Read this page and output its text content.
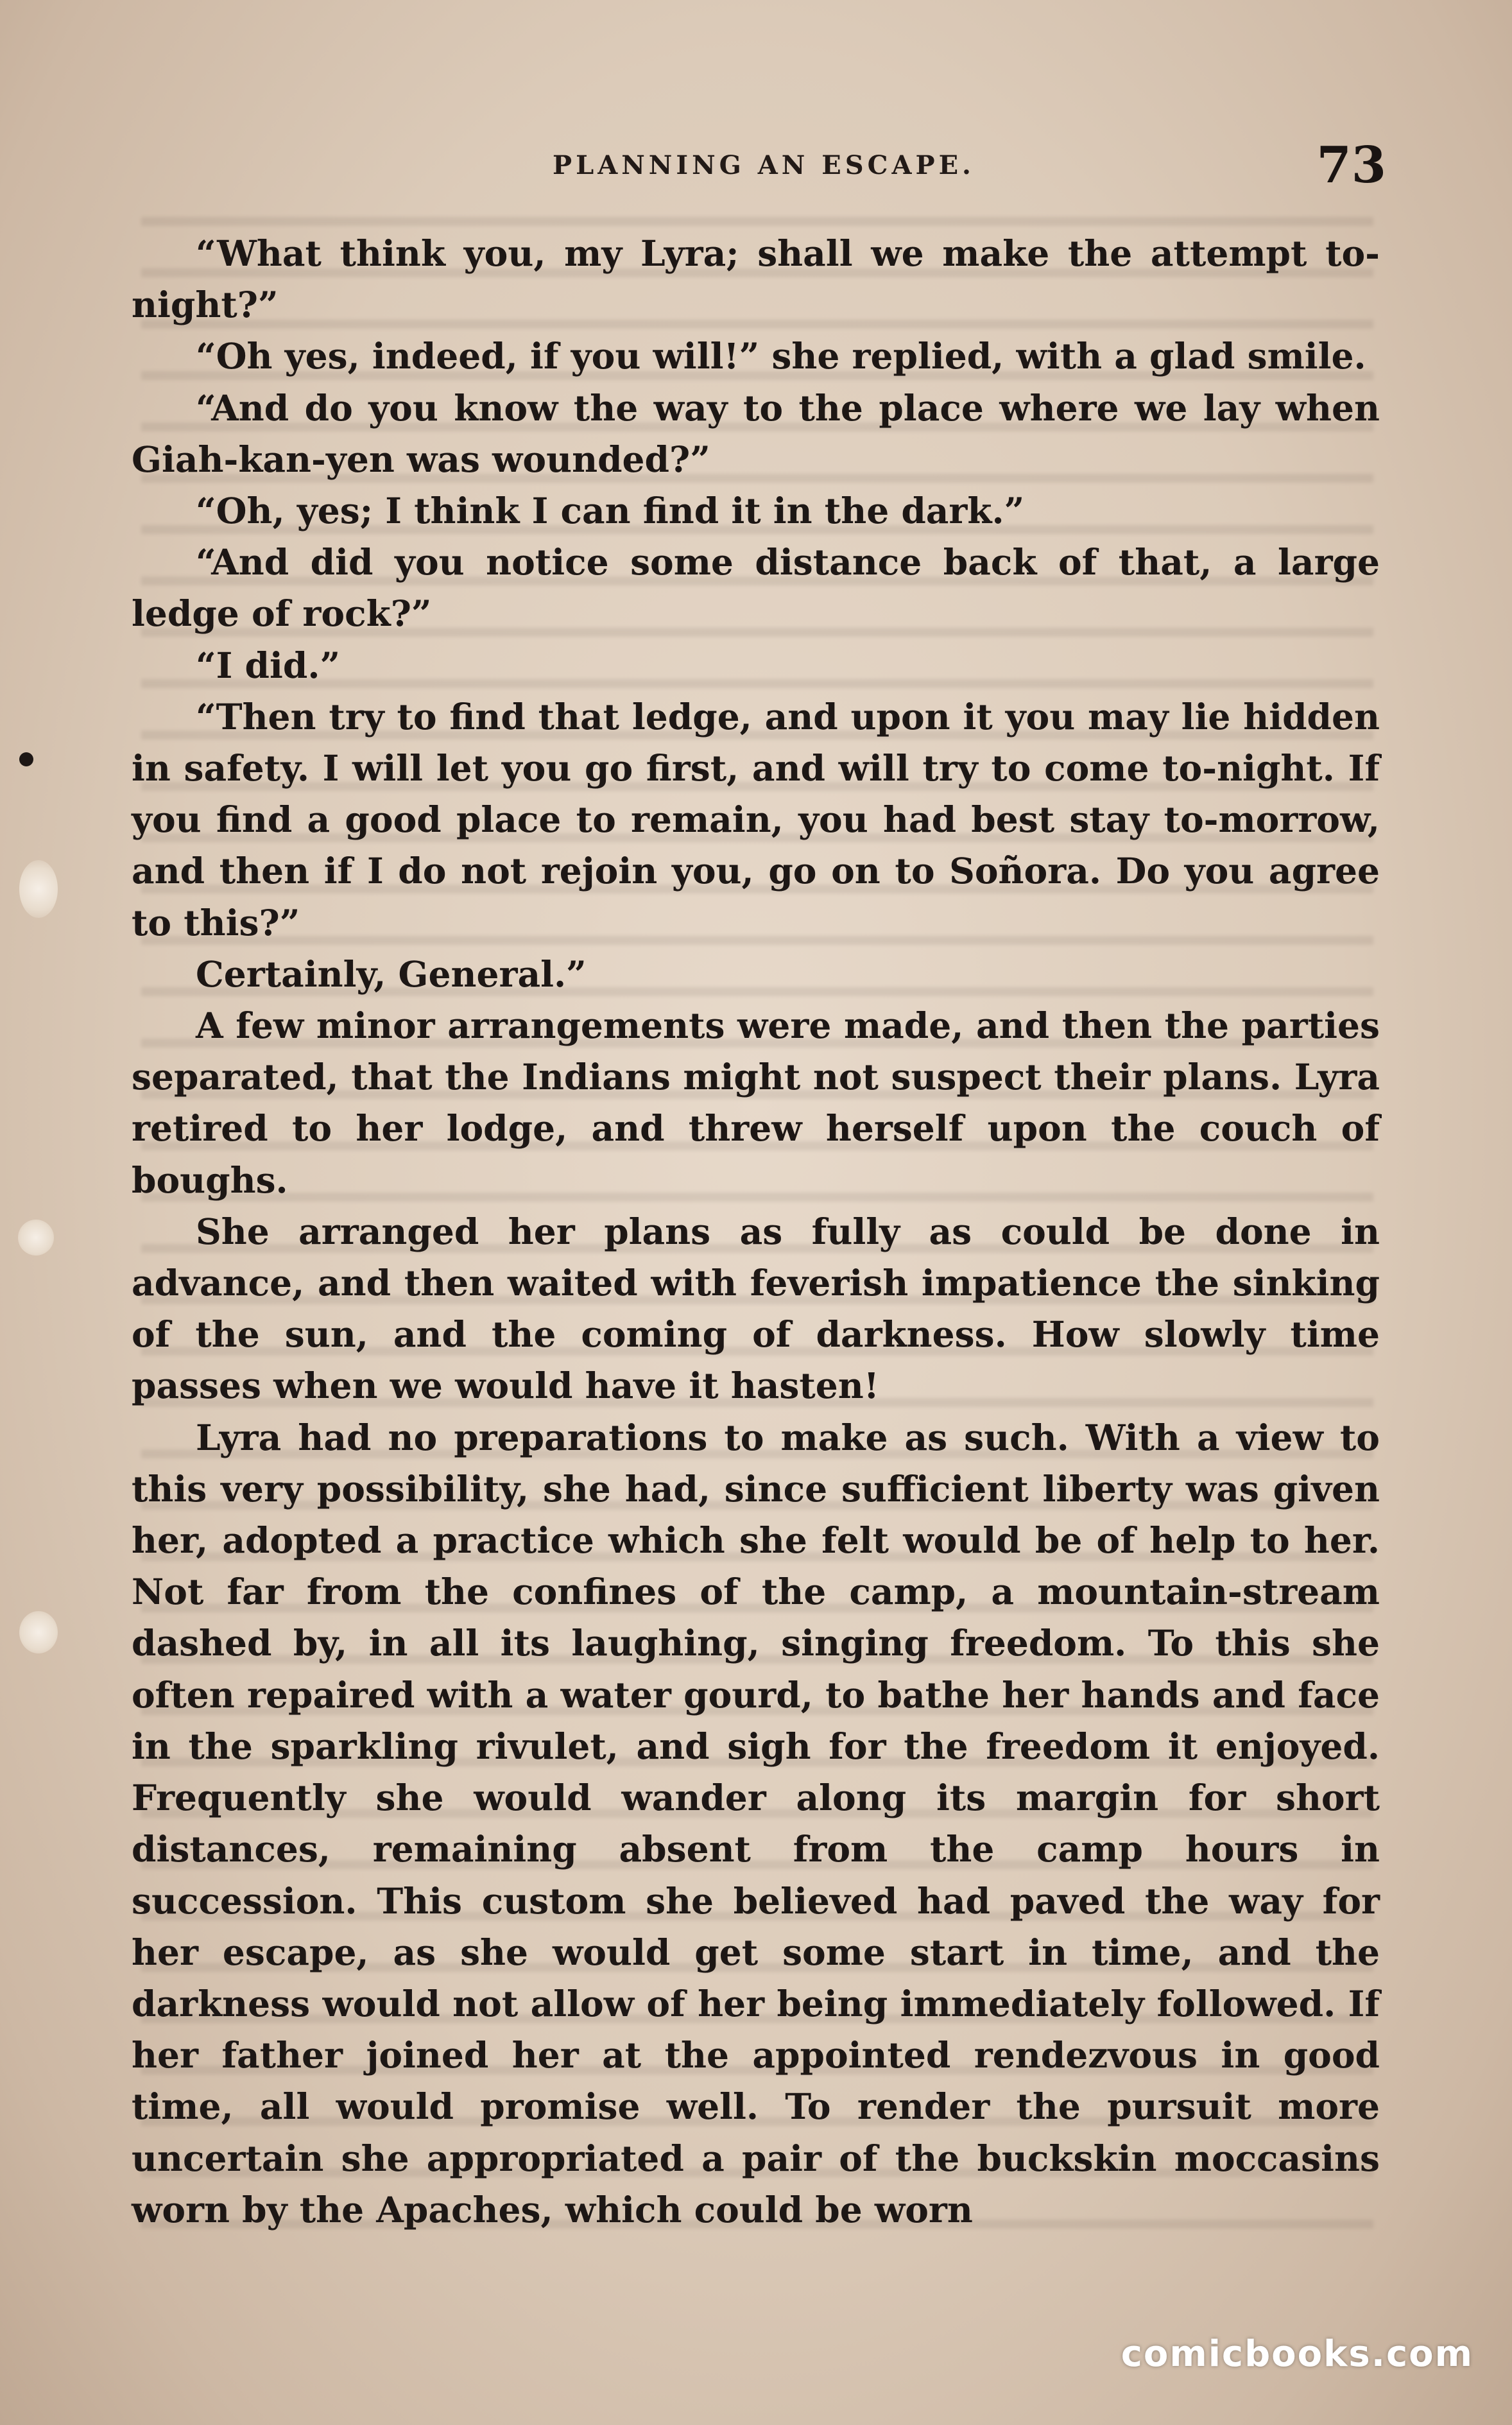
PLANNING AN ESCAPE.	73

“What think you, my Lyra; shall we make the attempt to-night?”

“Oh yes, indeed, if you will!” she replied, with a glad smile.

“And do you know the way to the place where we lay when Giah-kan-yen was wounded?”

“Oh, yes; I think I can find it in the dark.”

“And did you notice some distance back of that, a large ledge of rock?”

“I did.”

“Then try to find that ledge, and upon it you may lie hidden in safety. I will let you go first, and will try to come to-night. If you find a good place to remain, you had best stay to-morrow, and then if I do not rejoin you, go on to Soñora. Do you agree to this?”

Certainly, General.”

A few minor arrangements were made, and then the parties separated, that the Indians might not suspect their plans. Lyra retired to her lodge, and threw herself upon the couch of boughs.

She arranged her plans as fully as could be done in advance, and then waited with feverish impatience the sinking of the sun, and the coming of darkness. How slowly time passes when we would have it hasten!

Lyra had no preparations to make as such. With a view to this very possibility, she had, since sufficient liberty was given her, adopted a practice which she felt would be of help to her. Not far from the confines of the camp, a mountain-stream dashed by, in all its laughing, singing freedom. To this she often repaired with a water gourd, to bathe her hands and face in the sparkling rivulet, and sigh for the freedom it enjoyed. Frequently she would wander along its margin for short distances, remaining absent from the camp hours in succession. This custom she believed had paved the way for her escape, as she would get some start in time, and the darkness would not allow of her being immediately followed. If her father joined her at the appointed rendezvous in good time, all would promise well. To render the pursuit more uncertain she appropriated a pair of the buckskin moccasins worn by the Apaches, which could be worn

comicbooks.com
